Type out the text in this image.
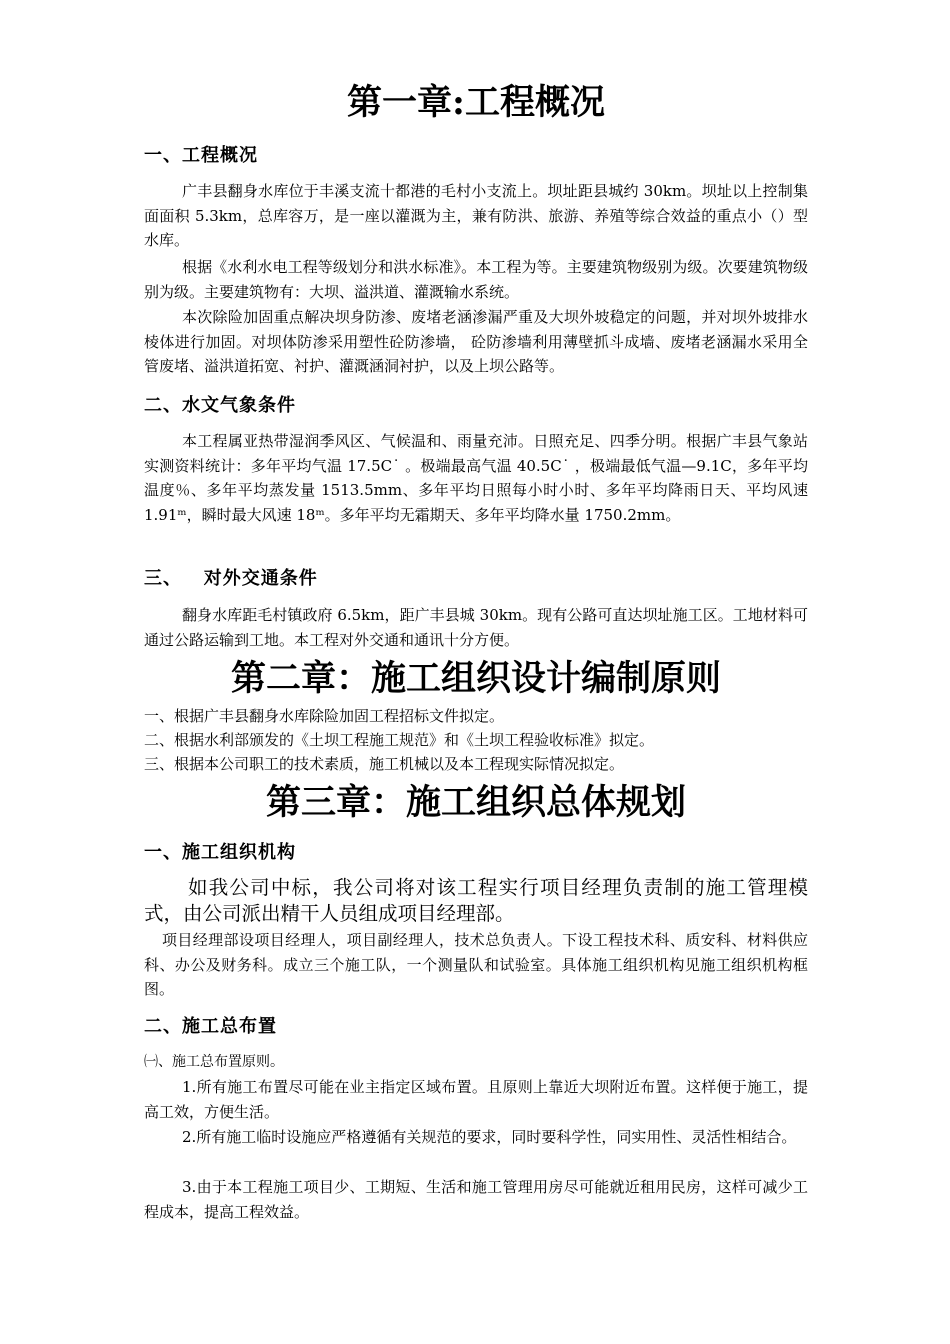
第一章:工程概况
一、工程概况

广丰县翻身水库位于丰溪支流十都港的毛村小支流上。坝址距县城约 30km。坝址以上控制集面面积 5.3km，总库容万，是一座以灌溉为主，兼有防洪、旅游、养殖等综合效益的重点小（）型水库。

根据《水利水电工程等级划分和洪水标准》。本工程为等。主要建筑物级别为级。次要建筑物级别为级。主要建筑物有：大坝、溢洪道、灌溉输水系统。

本次除险加固重点解决坝身防渗、废堵老涵渗漏严重及大坝外坡稳定的问题，并对坝外坡排水棱体进行加固。对坝体防渗采用塑性砼防渗墙， 砼防渗墙利用薄壁抓斗成墙、废堵老涵漏水采用全管废堵、溢洪道拓宽、衬护、灌溉涵洞衬护，以及上坝公路等。

二、水文气象条件

本工程属亚热带湿润季风区、气候温和、雨量充沛。日照充足、四季分明。根据广丰县气象站实测资料统计：多年平均气温 17.5C˙ 。极端最高气温 40.5C˙ ，极端最低气温—9.1C，多年平均温度％、多年平均蒸发量 1513.5mm、多年平均日照每小时小时、多年平均降雨日天、平均风速 1.91ᵐ，瞬时最大风速 18ᵐ。多年平均无霜期天、多年平均降水量 1750.2mm。

三、   对外交通条件

翻身水库距毛村镇政府 6.5km，距广丰县城 30km。现有公路可直达坝址施工区。工地材料可通过公路运输到工地。本工程对外交通和通讯十分方便。

第二章：施工组织设计编制原则
一、根据广丰县翻身水库除险加固工程招标文件拟定。
二、根据水利部颁发的《土坝工程施工规范》和《土坝工程验收标准》拟定。
三、根据本公司职工的技术素质，施工机械以及本工程现实际情况拟定。
第三章：施工组织总体规划
一、施工组织机构

如我公司中标，我公司将对该工程实行项目经理负责制的施工管理模式，由公司派出精干人员组成项目经理部。

项目经理部设项目经理人，项目副经理人，技术总负责人。下设工程技术科、质安科、材料供应科、办公及财务科。成立三个施工队，一个测量队和试验室。具体施工组织机构见施工组织机构框图。

二、施工总布置
㈠、施工总布置原则。

1.所有施工布置尽可能在业主指定区域布置。且原则上靠近大坝附近布置。这样便于施工，提高工效，方便生活。

2.所有施工临时设施应严格遵循有关规范的要求，同时要科学性，同实用性、灵活性相结合。

3.由于本工程施工项目少、工期短、生活和施工管理用房尽可能就近租用民房，这样可减少工程成本，提高工程效益。
